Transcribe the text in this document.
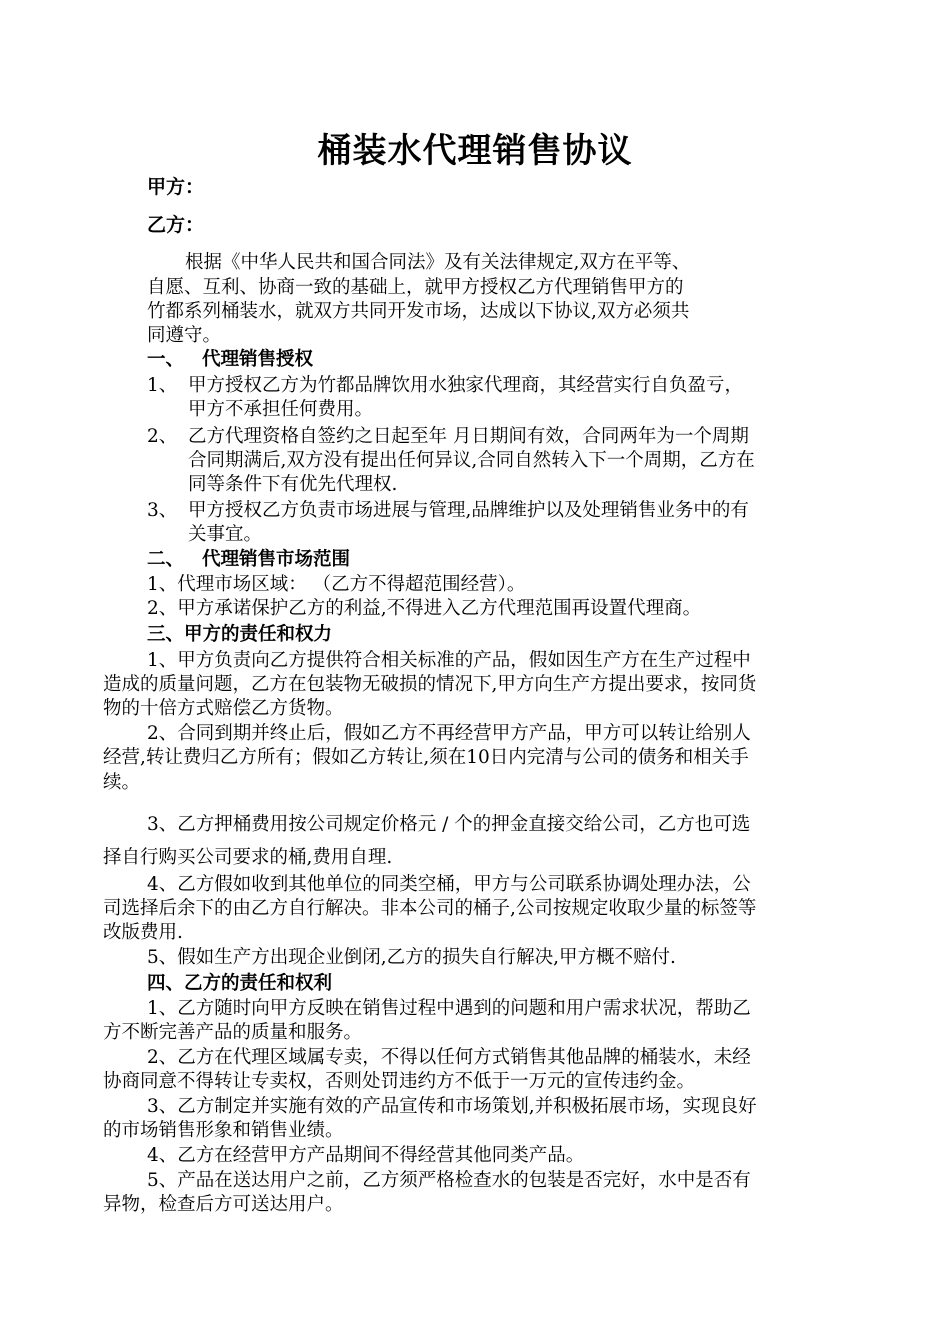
桶装水代理销售协议
甲方：
乙方：
根据《中华人民共和国合同法》及有关法律规定,双方在平等、
自愿、互利、协商一致的基础上，就甲方授权乙方代理销售甲方的
竹都系列桶装水，就双方共同开发市场，达成以下协议,双方必须共
同遵守。
一、 代理销售授权
1、 甲方授权乙方为竹都品牌饮用水独家代理商，其经营实行自负盈亏，
甲方不承担任何费用。
2、 乙方代理资格自签约之日起至年 月日期间有效，合同两年为一个周期
合同期满后,双方没有提出任何异议,合同自然转入下一个周期，乙方在
同等条件下有优先代理权.
3、 甲方授权乙方负责市场进展与管理,品牌维护以及处理销售业务中的有
关事宜。
二、 代理销售市场范围
1、代理市场区域： （乙方不得超范围经营）。
2、甲方承诺保护乙方的利益,不得进入乙方代理范围再设置代理商。
三、甲方的责任和权力
1、甲方负责向乙方提供符合相关标准的产品，假如因生产方在生产过程中
造成的质量问题，乙方在包装物无破损的情况下,甲方向生产方提出要求，按同货
物的十倍方式赔偿乙方货物。
2、合同到期并终止后，假如乙方不再经营甲方产品，甲方可以转让给别人
经营,转让费归乙方所有；假如乙方转让,须在10日内完清与公司的债务和相关手
续。
3、乙方押桶费用按公司规定价格元 / 个的押金直接交给公司，乙方也可选
择自行购买公司要求的桶,费用自理.
4、乙方假如收到其他单位的同类空桶，甲方与公司联系协调处理办法，公
司选择后余下的由乙方自行解决。非本公司的桶子,公司按规定收取少量的标签等
改版费用.
5、假如生产方出现企业倒闭,乙方的损失自行解决,甲方概不赔付.
四、乙方的责任和权利
1、乙方随时向甲方反映在销售过程中遇到的问题和用户需求状况，帮助乙
方不断完善产品的质量和服务。
2、乙方在代理区域属专卖，不得以任何方式销售其他品牌的桶装水，未经
协商同意不得转让专卖权，否则处罚违约方不低于一万元的宣传违约金。
3、乙方制定并实施有效的产品宣传和市场策划,并积极拓展市场，实现良好
的市场销售形象和销售业绩。
4、乙方在经营甲方产品期间不得经营其他同类产品。
5、产品在送达用户之前，乙方须严格检查水的包装是否完好，水中是否有
异物，检查后方可送达用户。
